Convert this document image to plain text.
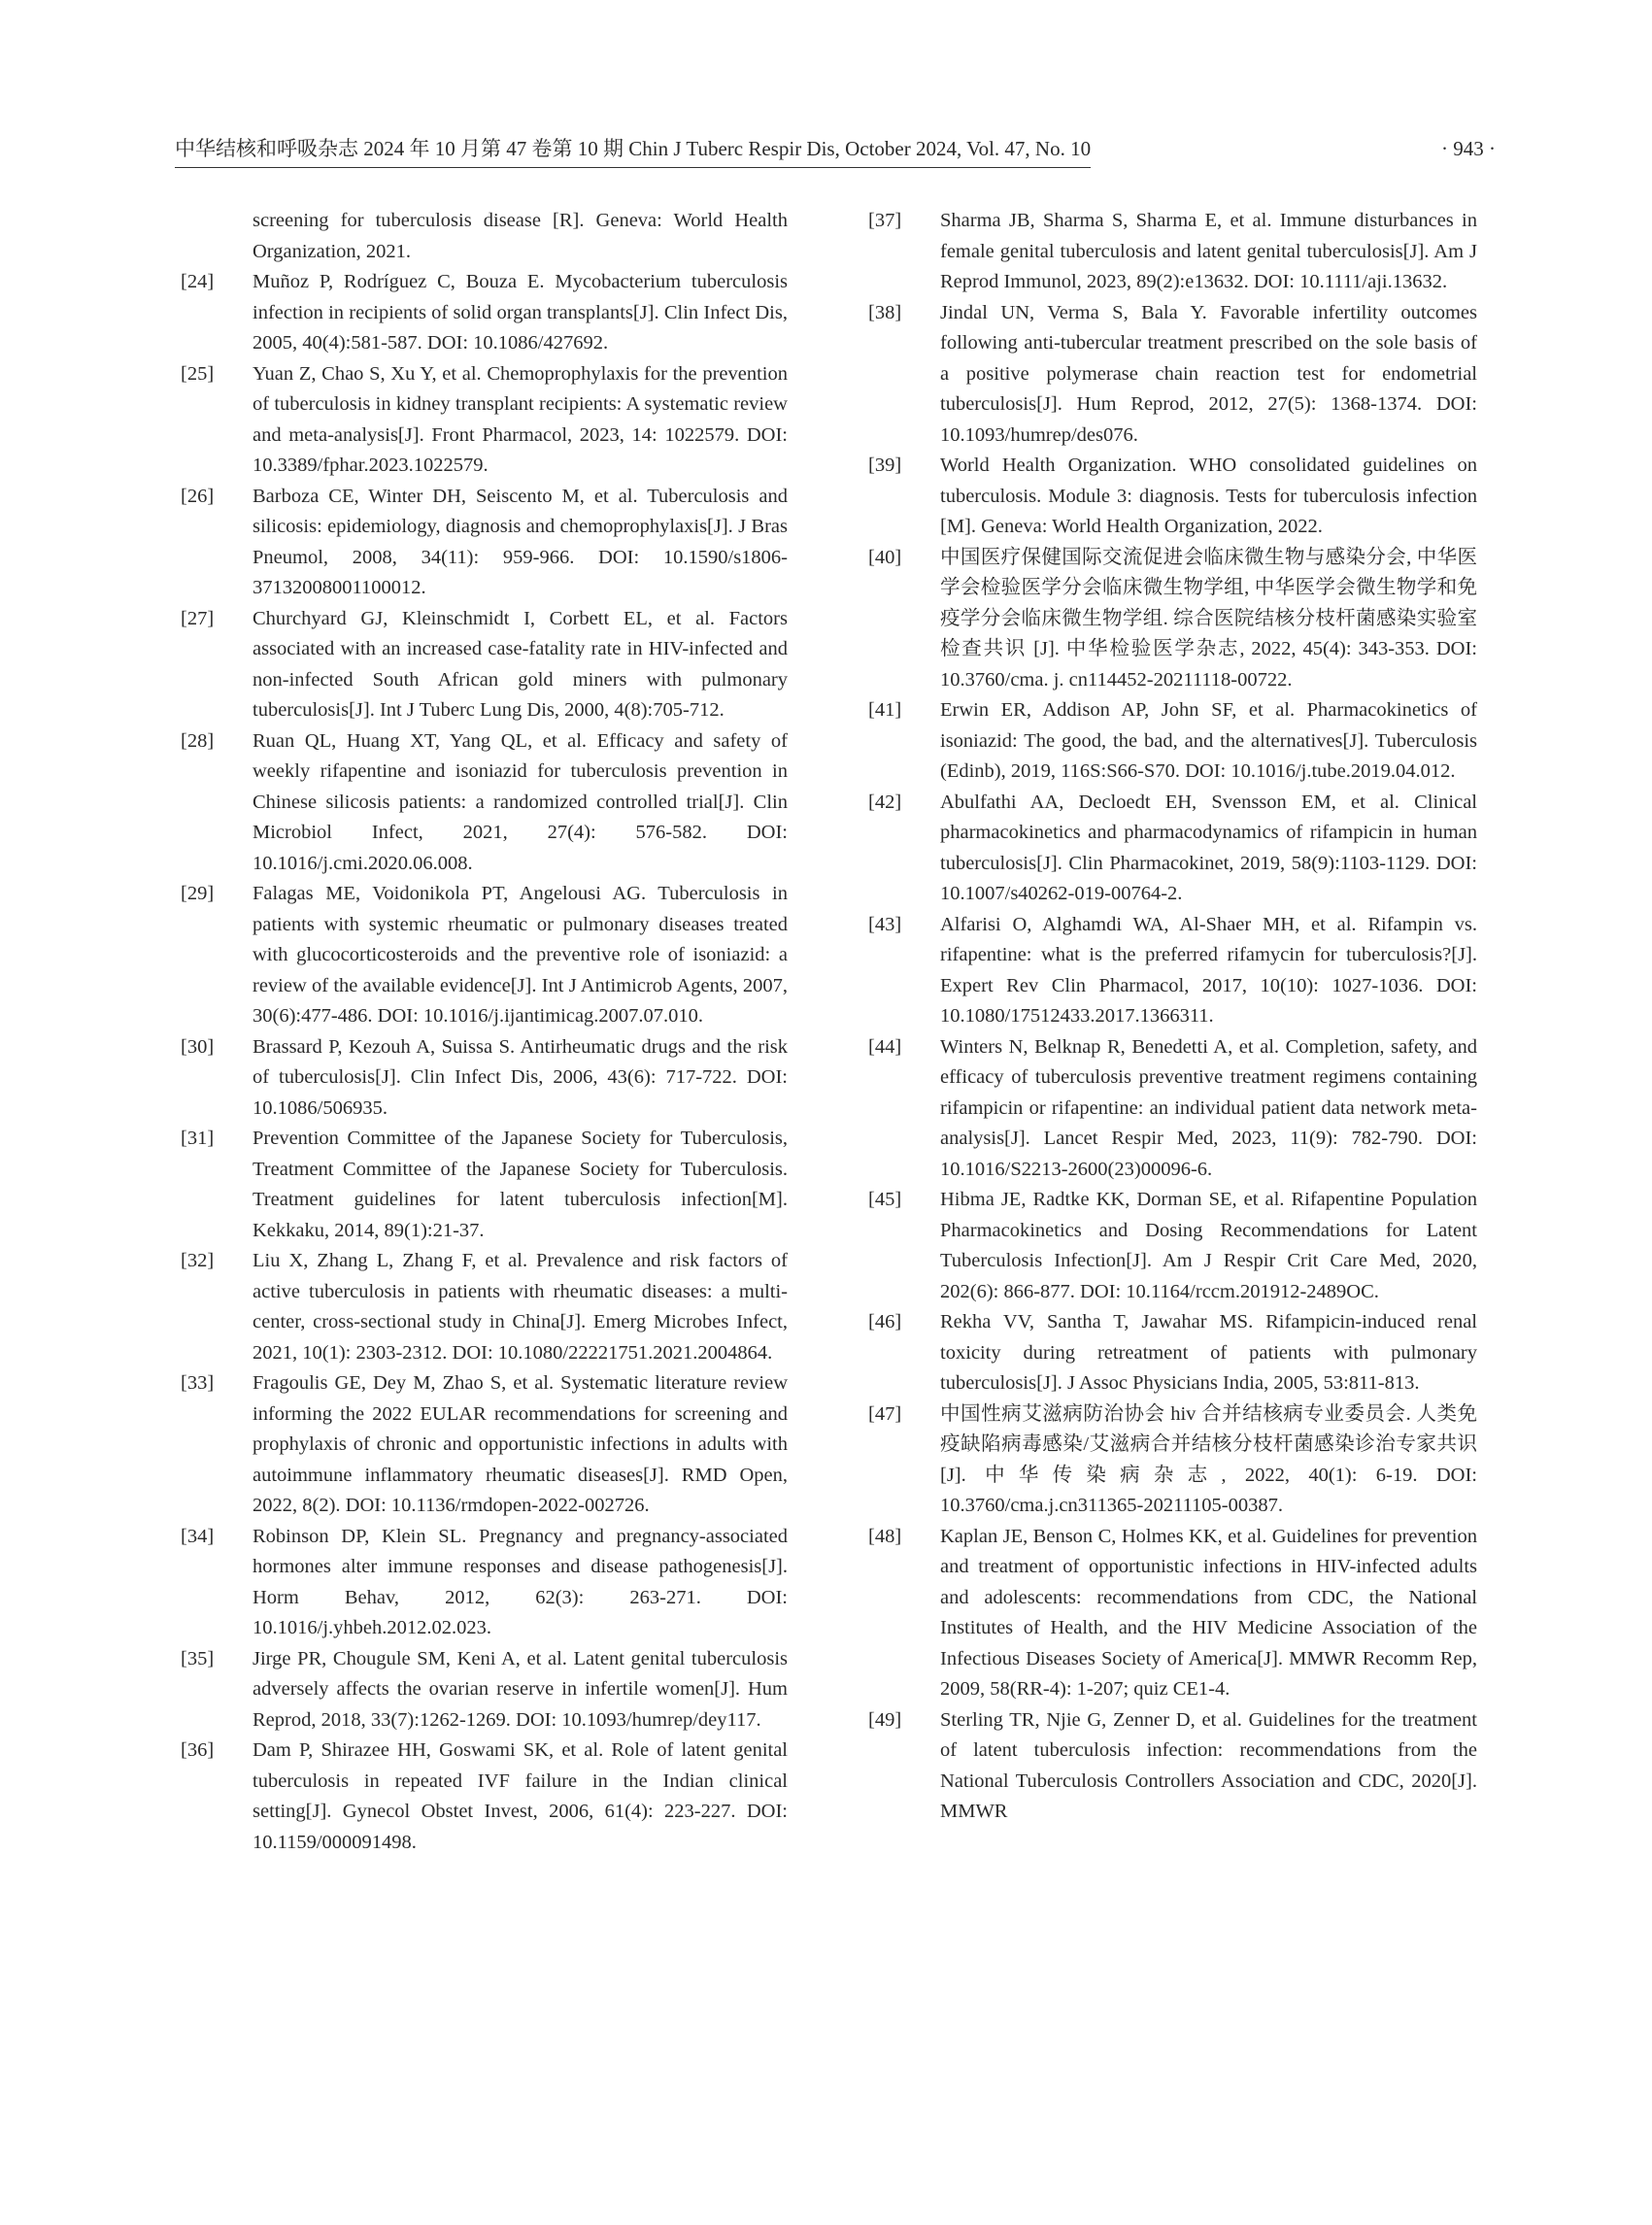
中华结核和呼吸杂志 2024 年 10 月第 47 卷第 10 期 Chin J Tuberc Respir Dis, October 2024, Vol. 47, No. 10	· 943 ·
screening for tuberculosis disease [R]. Geneva: World Health Organization, 2021.
[24] Muñoz P, Rodríguez C, Bouza E. Mycobacterium tuberculosis infection in recipients of solid organ transplants[J]. Clin Infect Dis, 2005, 40(4):581-587. DOI: 10.1086/427692.
[25] Yuan Z, Chao S, Xu Y, et al. Chemoprophylaxis for the prevention of tuberculosis in kidney transplant recipients: A systematic review and meta-analysis[J]. Front Pharmacol, 2023, 14: 1022579. DOI: 10.3389/fphar.2023.1022579.
[26] Barboza CE, Winter DH, Seiscento M, et al. Tuberculosis and silicosis: epidemiology, diagnosis and chemoprophylaxis[J]. J Bras Pneumol, 2008, 34(11): 959-966. DOI: 10.1590/s1806-37132008001100012.
[27] Churchyard GJ, Kleinschmidt I, Corbett EL, et al. Factors associated with an increased case-fatality rate in HIV-infected and non-infected South African gold miners with pulmonary tuberculosis[J]. Int J Tuberc Lung Dis, 2000, 4(8):705-712.
[28] Ruan QL, Huang XT, Yang QL, et al. Efficacy and safety of weekly rifapentine and isoniazid for tuberculosis prevention in Chinese silicosis patients: a randomized controlled trial[J]. Clin Microbiol Infect, 2021, 27(4): 576-582. DOI: 10.1016/j.cmi.2020.06.008.
[29] Falagas ME, Voidonikola PT, Angelousi AG. Tuberculosis in patients with systemic rheumatic or pulmonary diseases treated with glucocorticosteroids and the preventive role of isoniazid: a review of the available evidence[J]. Int J Antimicrob Agents, 2007, 30(6):477-486. DOI: 10.1016/j.ijantimicag.2007.07.010.
[30] Brassard P, Kezouh A, Suissa S. Antirheumatic drugs and the risk of tuberculosis[J]. Clin Infect Dis, 2006, 43(6): 717-722. DOI: 10.1086/506935.
[31] Prevention Committee of the Japanese Society for Tuberculosis, Treatment Committee of the Japanese Society for Tuberculosis. Treatment guidelines for latent tuberculosis infection[M]. Kekkaku, 2014, 89(1):21-37.
[32] Liu X, Zhang L, Zhang F, et al. Prevalence and risk factors of active tuberculosis in patients with rheumatic diseases: a multi-center, cross-sectional study in China[J]. Emerg Microbes Infect, 2021, 10(1): 2303-2312. DOI: 10.1080/22221751.2021.2004864.
[33] Fragoulis GE, Dey M, Zhao S, et al. Systematic literature review informing the 2022 EULAR recommendations for screening and prophylaxis of chronic and opportunistic infections in adults with autoimmune inflammatory rheumatic diseases[J]. RMD Open, 2022, 8(2). DOI: 10.1136/rmdopen-2022-002726.
[34] Robinson DP, Klein SL. Pregnancy and pregnancy-associated hormones alter immune responses and disease pathogenesis[J]. Horm Behav, 2012, 62(3): 263-271. DOI: 10.1016/j.yhbeh.2012.02.023.
[35] Jirge PR, Chougule SM, Keni A, et al. Latent genital tuberculosis adversely affects the ovarian reserve in infertile women[J]. Hum Reprod, 2018, 33(7):1262-1269. DOI: 10.1093/humrep/dey117.
[36] Dam P, Shirazee HH, Goswami SK, et al. Role of latent genital tuberculosis in repeated IVF failure in the Indian clinical setting[J]. Gynecol Obstet Invest, 2006, 61(4): 223-227. DOI: 10.1159/000091498.
[37] Sharma JB, Sharma S, Sharma E, et al. Immune disturbances in female genital tuberculosis and latent genital tuberculosis[J]. Am J Reprod Immunol, 2023, 89(2):e13632. DOI: 10.1111/aji.13632.
[38] Jindal UN, Verma S, Bala Y. Favorable infertility outcomes following anti-tubercular treatment prescribed on the sole basis of a positive polymerase chain reaction test for endometrial tuberculosis[J]. Hum Reprod, 2012, 27(5): 1368-1374. DOI: 10.1093/humrep/des076.
[39] World Health Organization. WHO consolidated guidelines on tuberculosis. Module 3: diagnosis. Tests for tuberculosis infection [M]. Geneva: World Health Organization, 2022.
[40] 中国医疗保健国际交流促进会临床微生物与感染分会, 中华医学会检验医学分会临床微生物学组, 中华医学会微生物学和免疫学分会临床微生物学组. 综合医院结核分枝杆菌感染实验室检查共识 [J]. 中华检验医学杂志, 2022, 45(4): 343-353. DOI: 10.3760/cma. j. cn114452-20211118-00722.
[41] Erwin ER, Addison AP, John SF, et al. Pharmacokinetics of isoniazid: The good, the bad, and the alternatives[J]. Tuberculosis (Edinb), 2019, 116S:S66-S70. DOI: 10.1016/j.tube.2019.04.012.
[42] Abulfathi AA, Decloedt EH, Svensson EM, et al. Clinical pharmacokinetics and pharmacodynamics of rifampicin in human tuberculosis[J]. Clin Pharmacokinet, 2019, 58(9):1103-1129. DOI: 10.1007/s40262-019-00764-2.
[43] Alfarisi O, Alghamdi WA, Al-Shaer MH, et al. Rifampin vs. rifapentine: what is the preferred rifamycin for tuberculosis?[J]. Expert Rev Clin Pharmacol, 2017, 10(10): 1027-1036. DOI: 10.1080/17512433.2017.1366311.
[44] Winters N, Belknap R, Benedetti A, et al. Completion, safety, and efficacy of tuberculosis preventive treatment regimens containing rifampicin or rifapentine: an individual patient data network meta-analysis[J]. Lancet Respir Med, 2023, 11(9): 782-790. DOI: 10.1016/S2213-2600(23)00096-6.
[45] Hibma JE, Radtke KK, Dorman SE, et al. Rifapentine Population Pharmacokinetics and Dosing Recommendations for Latent Tuberculosis Infection[J]. Am J Respir Crit Care Med, 2020, 202(6): 866-877. DOI: 10.1164/rccm.201912-2489OC.
[46] Rekha VV, Santha T, Jawahar MS. Rifampicin-induced renal toxicity during retreatment of patients with pulmonary tuberculosis[J]. J Assoc Physicians India, 2005, 53:811-813.
[47] 中国性病艾滋病防治协会 hiv 合并结核病专业委员会. 人类免疫缺陷病毒感染/艾滋病合并结核分枝杆菌感染诊治专家共识 [J]. 中华传染病杂志, 2022, 40(1): 6-19. DOI: 10.3760/cma.j.cn311365-20211105-00387.
[48] Kaplan JE, Benson C, Holmes KK, et al. Guidelines for prevention and treatment of opportunistic infections in HIV-infected adults and adolescents: recommendations from CDC, the National Institutes of Health, and the HIV Medicine Association of the Infectious Diseases Society of America[J]. MMWR Recomm Rep, 2009, 58(RR-4): 1-207; quiz CE1-4.
[49] Sterling TR, Njie G, Zenner D, et al. Guidelines for the treatment of latent tuberculosis infection: recommendations from the National Tuberculosis Controllers Association and CDC, 2020[J]. MMWR
